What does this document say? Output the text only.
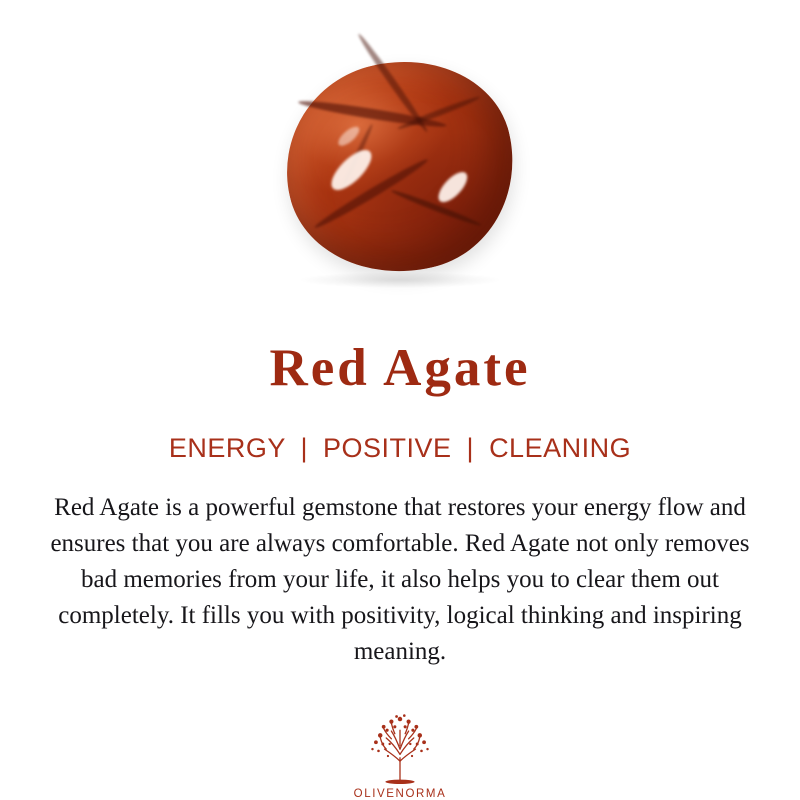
Red Agate
ENERGY | POSITIVE | CLEANING

Red Agate is a powerful gemstone that restores your energy flow and ensures that you are always comfortable. Red Agate not only removes bad memories from your life, it also helps you to clear them out completely. It fills you with positivity, logical thinking and inspiring meaning.

OLIVENORMA
